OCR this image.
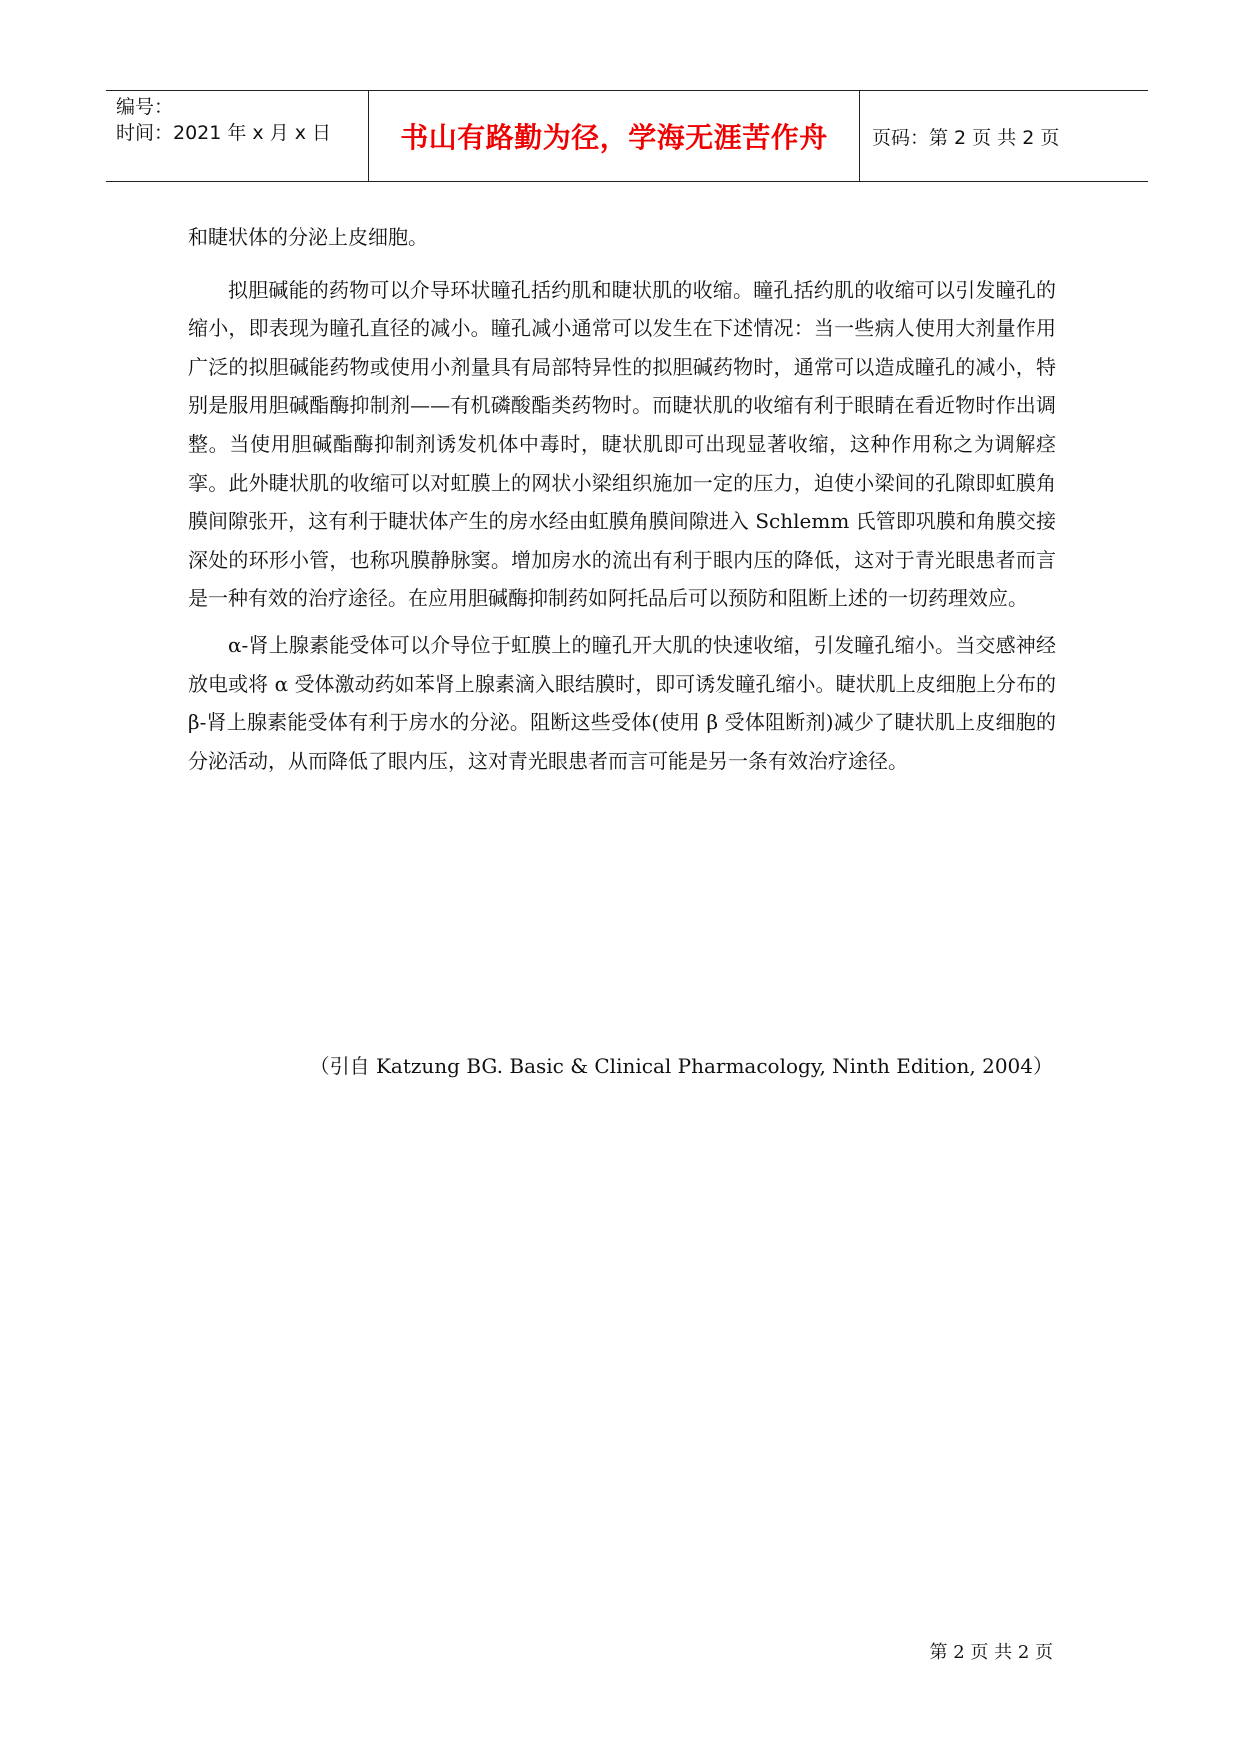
编号：
时间：2021 年 x 月 x 日 书山有路勤为径，学海无涯苦作舟 页码：第 2 页 共 2 页

和睫状体的分泌上皮细胞。

拟胆碱能的药物可以介导环状瞳孔括约肌和睫状肌的收缩。瞳孔括约肌的收缩可以引发瞳孔的缩小，即表现为瞳孔直径的减小。瞳孔减小通常可以发生在下述情况：当一些病人使用大剂量作用广泛的拟胆碱能药物或使用小剂量具有局部特异性的拟胆碱药物时，通常可以造成瞳孔的减小，特别是服用胆碱酯酶抑制剂——有机磷酸酯类药物时。而睫状肌的收缩有利于眼睛在看近物时作出调整。当使用胆碱酯酶抑制剂诱发机体中毒时，睫状肌即可出现显著收缩，这种作用称之为调解痉挛。此外睫状肌的收缩可以对虹膜上的网状小梁组织施加一定的压力，迫使小梁间的孔隙即虹膜角膜间隙张开，这有利于睫状体产生的房水经由虹膜角膜间隙进入 Schlemm 氏管即巩膜和角膜交接深处的环形小管，也称巩膜静脉窦。增加房水的流出有利于眼内压的降低，这对于青光眼患者而言是一种有效的治疗途径。在应用胆碱酶抑制药如阿托品后可以预防和阻断上述的一切药理效应。

α-肾上腺素能受体可以介导位于虹膜上的瞳孔开大肌的快速收缩，引发瞳孔缩小。当交感神经放电或将 α 受体激动药如苯肾上腺素滴入眼结膜时，即可诱发瞳孔缩小。睫状肌上皮细胞上分布的 β-肾上腺素能受体有利于房水的分泌。阻断这些受体(使用 β 受体阻断剂)减少了睫状肌上皮细胞的分泌活动，从而降低了眼内压，这对青光眼患者而言可能是另一条有效治疗途径。

（引自 Katzung BG. Basic & Clinical Pharmacology, Ninth Edition, 2004）
第 2 页 共 2 页
